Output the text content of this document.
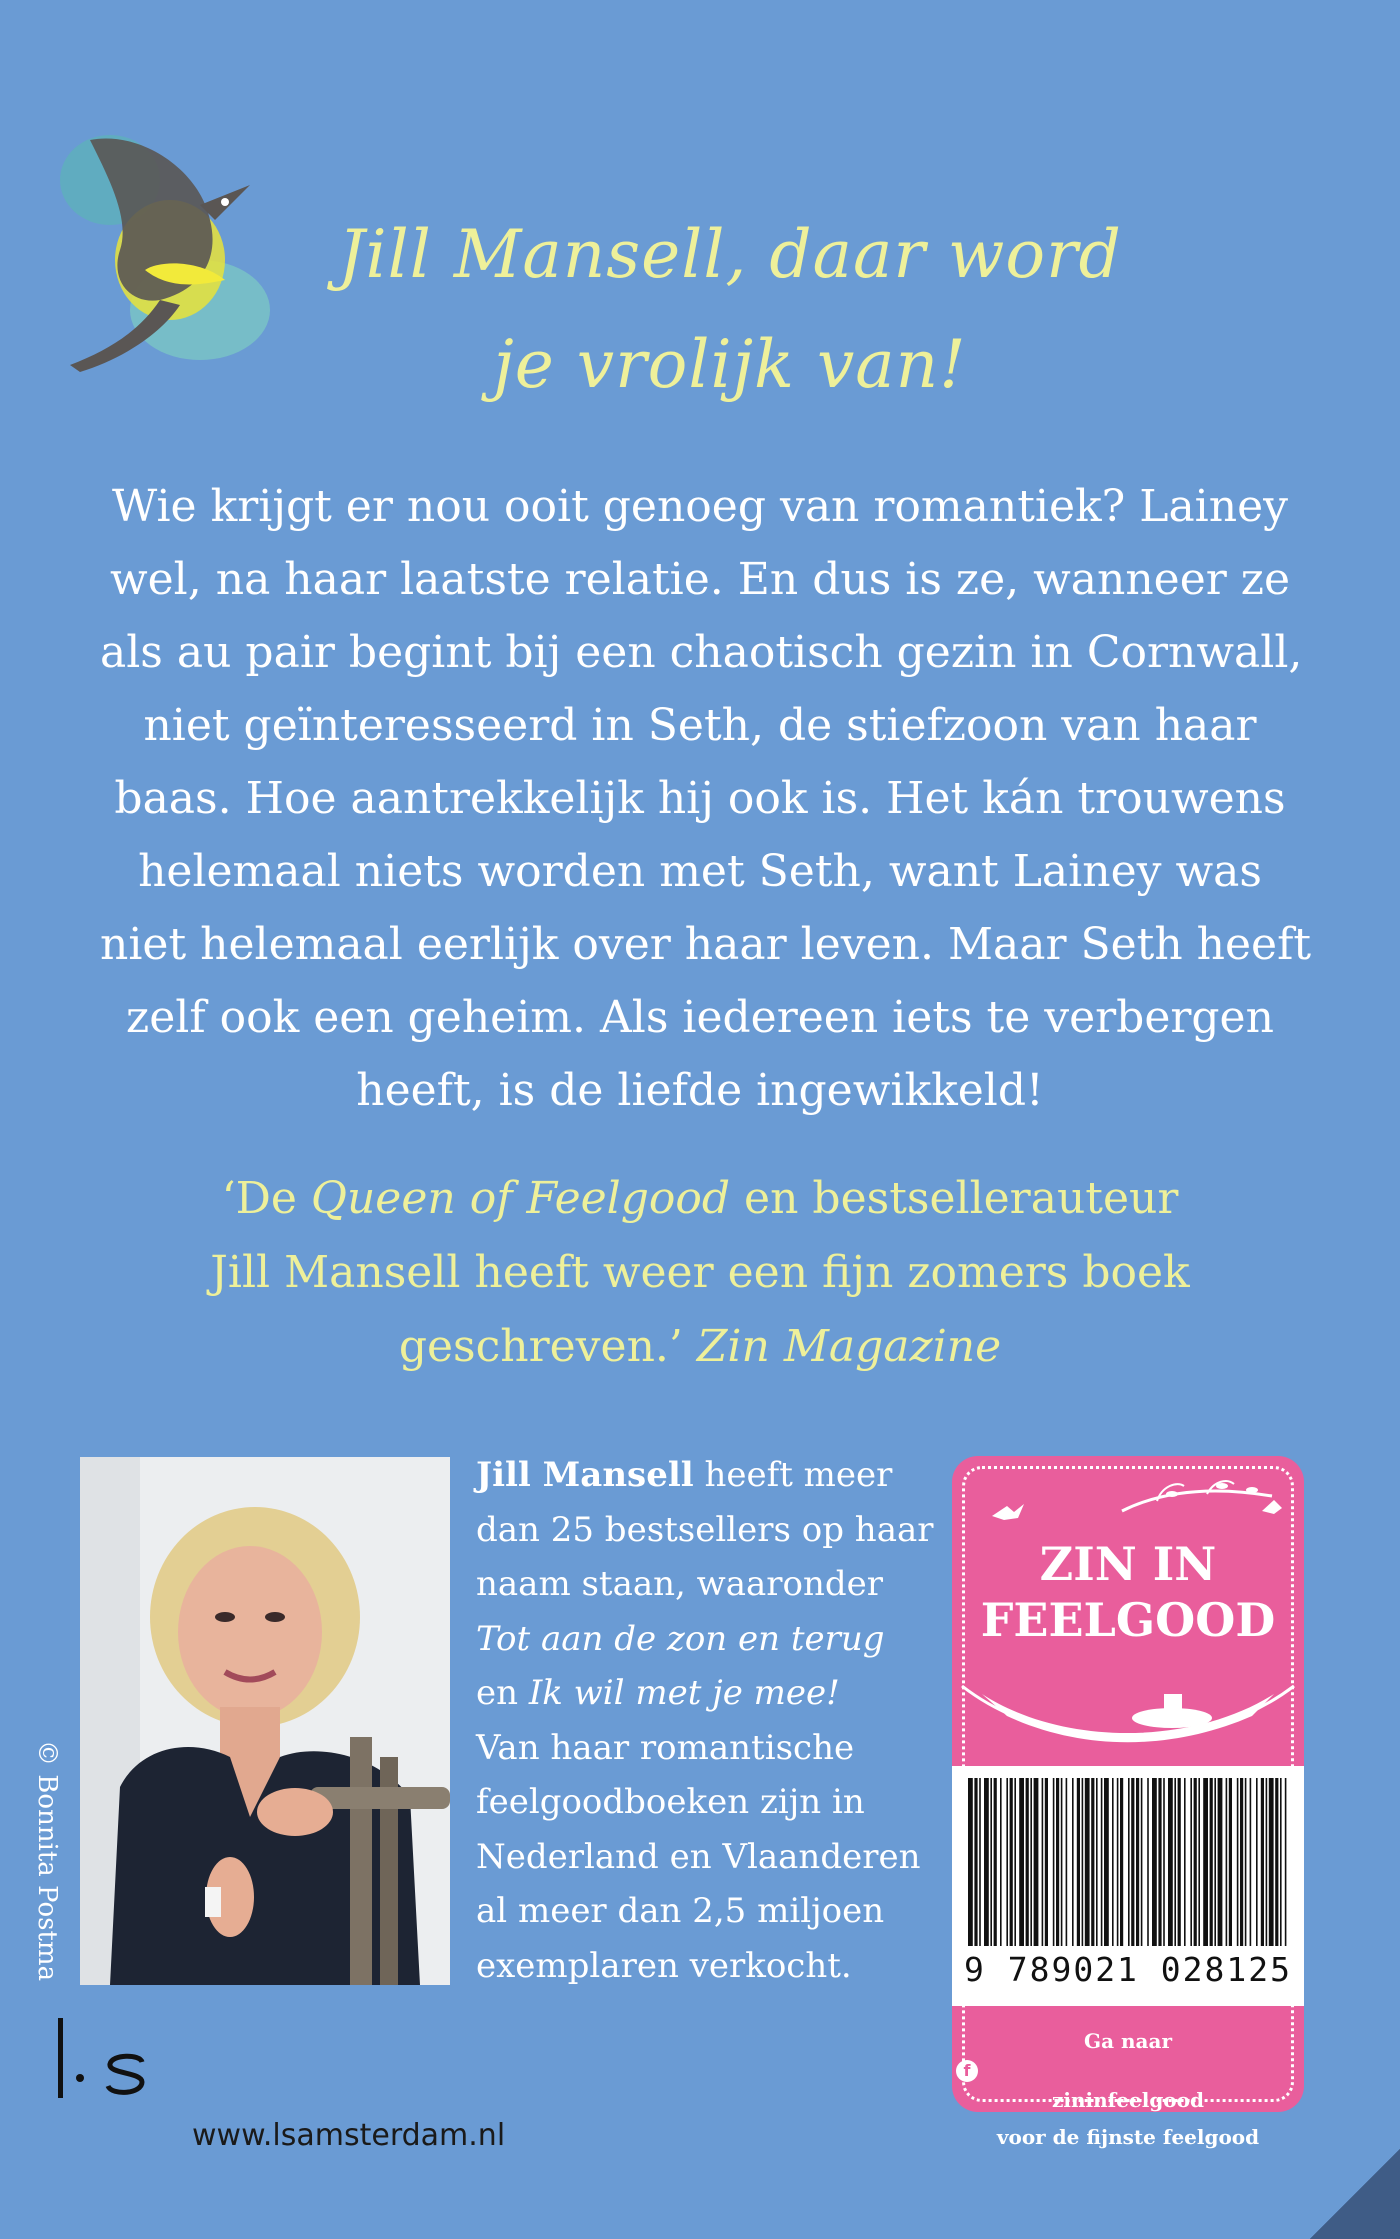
Jill Mansell, daar word
je vrolijk van!
Wie krijgt er nou ooit genoeg van romantiek? Lainey
wel, na haar laatste relatie. En dus is ze, wanneer ze
als au pair begint bij een chaotisch gezin in Cornwall,
niet geïnteresseerd in Seth, de stiefzoon van haar
baas. Hoe aantrekkelijk hij ook is. Het kán trouwens
helemaal niets worden met Seth, want Lainey was
niet helemaal eerlijk over haar leven. Maar Seth heeft
zelf ook een geheim. Als iedereen iets te verbergen
heeft, is de liefde ingewikkeld!
‘De Queen of Feelgood en bestsellerauteur
Jill Mansell heeft weer een fijn zomers boek
geschreven.’ Zin Magazine
© Bonnita Postma
Jill Mansell heeft meer
dan 25 bestsellers op haar
naam staan, waaronder
Tot aan de zon en terug
en Ik wil met je mee!
Van haar romantische
feelgoodboeken zijn in
Nederland en Vlaanderen
al meer dan 2,5 miljoen
exemplaren verkocht.
ZIN IN
FEELGOOD
9 789021 028125
Ga naar
f
zininfeelgood
voor de fijnste feelgood
www.lsamsterdam.nl
